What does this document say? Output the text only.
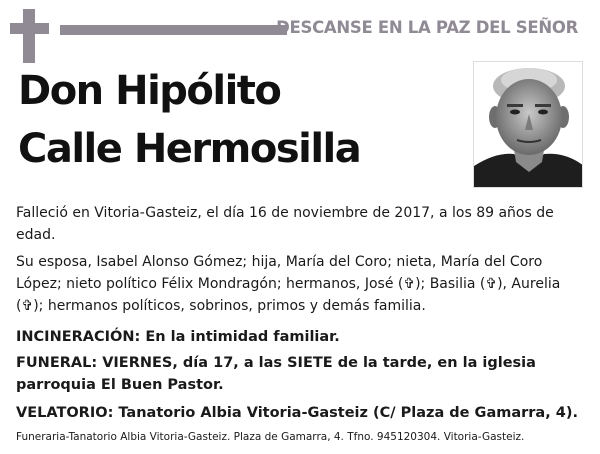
DESCANSE EN LA PAZ DEL SEÑOR
Don Hipólito
Calle Hermosilla
Falleció en Vitoria-Gasteiz, el día 16 de noviembre de 2017, a los 89 años de edad.
Su esposa, Isabel Alonso Gómez; hija, María del Coro; nieta, María del Coro López; nieto político Félix Mondragón; hermanos, José (✞); Basilia (✞), Aurelia (✞); hermanos políticos, sobrinos, primos y demás familia.
INCINERACIÓN: En la intimidad familiar.
FUNERAL: VIERNES, día 17, a las SIETE de la tarde, en la iglesia parroquia El Buen Pastor.
VELATORIO: Tanatorio Albia Vitoria-Gasteiz (C/ Plaza de Gamarra, 4).
Funeraria-Tanatorio Albia Vitoria-Gasteiz. Plaza de Gamarra, 4. Tfno. 945120304. Vitoria-Gasteiz.
